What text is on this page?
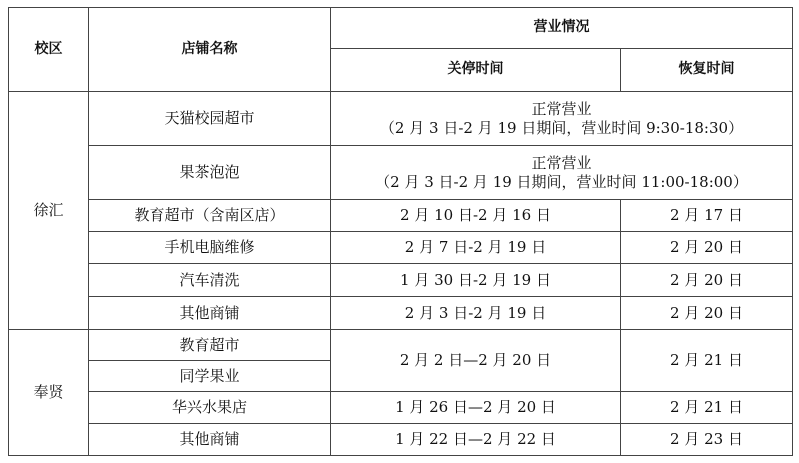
校区	店铺名称	营业情况	
		关停时间	恢复时间
徐汇	天猫校园超市	正常营业
（2 月 3 日-2 月 19 日期间，营业时间 9:30-18:30）	

	果茶泡泡	正常营业
（2 月 3 日-2 月 19 日期间，营业时间 11:00-18:00）	

	教育超市（含南区店）	2 月 10 日-2 月 16 日	2 月 17 日
	手机电脑维修	2 月 7 日-2 月 19 日	2 月 20 日
	汽车清洗	1 月 30 日-2 月 19 日	2 月 20 日
	其他商铺	2 月 3 日-2 月 19 日	2 月 20 日
奉贤	教育超市	2 月 2 日—2 月 20 日	2 月 21 日
	同学果业		
	华兴水果店	1 月 26 日—2 月 20 日	2 月 21 日
	其他商铺	1 月 22 日—2 月 22 日	2 月 23 日
